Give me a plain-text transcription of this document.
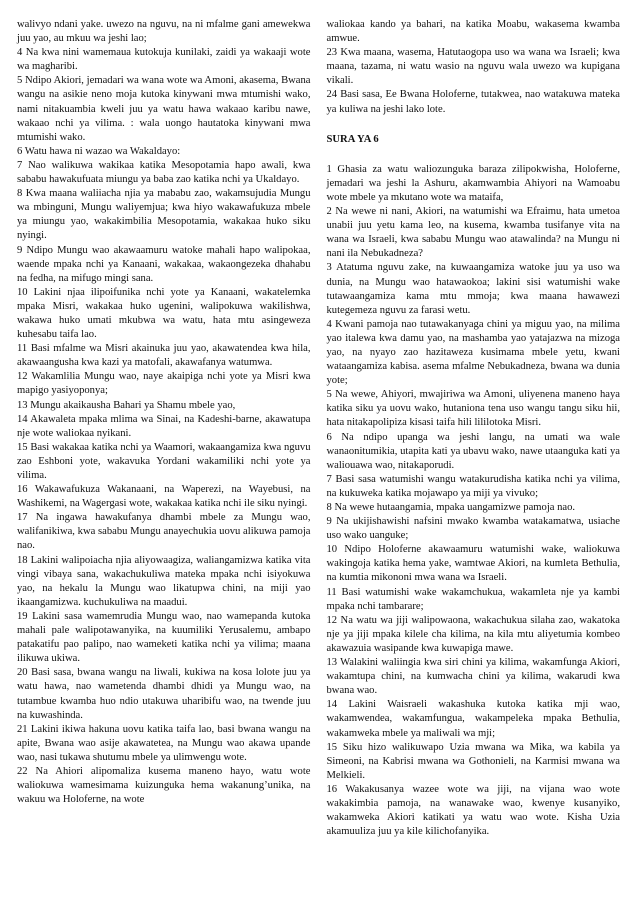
walivyo ndani yake. uwezo na nguvu, na ni mfalme gani amewekwa juu yao, au mkuu wa jeshi lao;

4 Na kwa nini wamemaua kutokuja kunilaki, zaidi ya wakaaji wote wa magharibi.

5 Ndipo Akiori, jemadari wa wana wote wa Amoni, akasema, Bwana wangu na asikie neno moja kutoka kinywani mwa mtumishi wako, nami nitakuambia kweli juu ya watu hawa wakaao karibu nawe, wakaao nchi ya vilima. : wala uongo hautatoka kinywani mwa mtumishi wako.

6 Watu hawa ni wazao wa Wakaldayo:

7 Nao walikuwa wakikaa katika Mesopotamia hapo awali, kwa sababu hawakufuata miungu ya baba zao katika nchi ya Ukaldayo.

8 Kwa maana waliiacha njia ya mababu zao, wakamsujudia Mungu wa mbinguni, Mungu waliyemjua; kwa hiyo wakawafukuza mbele ya miungu yao, wakakimbilia Mesopotamia, wakakaa huko siku nyingi.

9 Ndipo Mungu wao akawaamuru watoke mahali hapo walipokaa, waende mpaka nchi ya Kanaani, wakakaa, wakaongezeka dhahabu na fedha, na mifugo mingi sana.

10 Lakini njaa ilipoifunika nchi yote ya Kanaani, wakatelemka mpaka Misri, wakakaa huko ugenini, walipokuwa wakilishwa, wakawa huko umati mkubwa wa watu, hata mtu asingeweza kuhesabu taifa lao.

11 Basi mfalme wa Misri akainuka juu yao, akawatendea kwa hila, akawaangusha kwa kazi ya matofali, akawafanya watumwa.

12 Wakamlilia Mungu wao, naye akaipiga nchi yote ya Misri kwa mapigo yasiyoponya;

13 Mungu akaikausha Bahari ya Shamu mbele yao,

14 Akawaleta mpaka mlima wa Sinai, na Kadeshi-barne, akawatupa nje wote waliokaa nyikani.

15 Basi wakakaa katika nchi ya Waamori, wakaangamiza kwa nguvu zao Eshboni yote, wakavuka Yordani wakamiliki nchi yote ya vilima.

16 Wakawafukuza Wakanaani, na Waperezi, na Wayebusi, na Washikemi, na Wagergasi wote, wakakaa katika nchi ile siku nyingi.

17 Na ingawa hawakufanya dhambi mbele za Mungu wao, walifanikiwa, kwa sababu Mungu anayechukia uovu alikuwa pamoja nao.

18 Lakini walipoiacha njia aliyowaagiza, waliangamizwa katika vita vingi vibaya sana, wakachukuliwa mateka mpaka nchi isiyokuwa yao, na hekalu la Mungu wao likatupwa chini, na miji yao ikaangamizwa. kuchukuliwa na maadui.

19 Lakini sasa wamemrudia Mungu wao, nao wamepanda kutoka mahali pale walipotawanyika, na kuumiliki Yerusalemu, ambapo patakatifu pao palipo, nao wameketi katika nchi ya vilima; maana ilikuwa ukiwa.

20 Basi sasa, bwana wangu na liwali, kukiwa na kosa lolote juu ya watu hawa, nao wametenda dhambi dhidi ya Mungu wao, na tutambue kwamba huo ndio utakuwa uharibifu wao, na twende juu na kuwashinda.

21 Lakini ikiwa hakuna uovu katika taifa lao, basi bwana wangu na apite, Bwana wao asije akawatetea, na Mungu wao akawa upande wao, nasi tukawa shutumu mbele ya ulimwengu wote.

22 Na Ahiori alipomaliza kusema maneno hayo, watu wote waliokuwa wamesimama kuizunguka hema wakanung’unika, na wakuu wa Holoferne, na wote

waliokaa kando ya bahari, na katika Moabu, wakasema kwamba amwue.

23 Kwa maana, wasema, Hatutaogopa uso wa wana wa Israeli; kwa maana, tazama, ni watu wasio na nguvu wala uwezo wa kupigana vikali.

24 Basi sasa, Ee Bwana Holoferne, tutakwea, nao watakuwa mateka ya kuliwa na jeshi lako lote.

SURA YA 6

1 Ghasia za watu waliozunguka baraza zilipokwisha, Holoferne, jemadari wa jeshi la Ashuru, akamwambia Ahiyori na Wamoabu wote mbele ya mkutano wote wa mataifa,

2 Na wewe ni nani, Akiori, na watumishi wa Efraimu, hata umetoa unabii juu yetu kama leo, na kusema, kwamba tusifanye vita na wana wa Israeli, kwa sababu Mungu wao atawalinda? na Mungu ni nani ila Nebukadneza?

3 Atatuma nguvu zake, na kuwaangamiza watoke juu ya uso wa dunia, na Mungu wao hatawaokoa; lakini sisi watumishi wake tutawaangamiza kama mtu mmoja; kwa maana hawawezi kutegemeza nguvu za farasi wetu.

4 Kwani pamoja nao tutawakanyaga chini ya miguu yao, na milima yao italewa kwa damu yao, na mashamba yao yatajazwa na mizoga yao, na nyayo zao hazitaweza kusimama mbele yetu, kwani wataangamiza kabisa. asema mfalme Nebukadneza, bwana wa dunia yote;

5 Na wewe, Ahiyori, mwajiriwa wa Amoni, uliyenena maneno haya katika siku ya uovu wako, hutaniona tena uso wangu tangu siku hii, hata nitakapolipiza kisasi taifa hili lililotoka Misri.

6 Na ndipo upanga wa jeshi langu, na umati wa wale wanaonitumikia, utapita kati ya ubavu wako, nawe utaanguka kati ya waliouawa wao, nitakaporudi.

7 Basi sasa watumishi wangu watakurudisha katika nchi ya vilima, na kukuweka katika mojawapo ya miji ya vivuko;

8 Na wewe hutaangamia, mpaka uangamizwe pamoja nao.

9 Na ukijishawishi nafsini mwako kwamba watakamatwa, usiache uso wako uanguke;

10 Ndipo Holoferne akawaamuru watumishi wake, waliokuwa wakingoja katika hema yake, wamtwae Akiori, na kumleta Bethulia, na kumtia mikononi mwa wana wa Israeli.

11 Basi watumishi wake wakamchukua, wakamleta nje ya kambi mpaka nchi tambarare;

12 Na watu wa jiji walipowaona, wakachukua silaha zao, wakatoka nje ya jiji mpaka kilele cha kilima, na kila mtu aliyetumia kombeo akawazuia wasipande kwa kuwapiga mawe.

13 Walakini waliingia kwa siri chini ya kilima, wakamfunga Akiori, wakamtupa chini, na kumwacha chini ya kilima, wakarudi kwa bwana wao.

14 Lakini Waisraeli wakashuka kutoka katika mji wao, wakamwendea, wakamfungua, wakampeleka mpaka Bethulia, wakamweka mbele ya maliwali wa mji;

15 Siku hizo walikuwapo Uzia mwana wa Mika, wa kabila ya Simeoni, na Kabrisi mwana wa Gothonieli, na Karmisi mwana wa Melkieli.

16 Wakakusanya wazee wote wa jiji, na vijana wao wote wakakimbia pamoja, na wanawake wao, kwenye kusanyiko, wakamweka Akiori katikati ya watu wao wote. Kisha Uzia akamuuliza juu ya kile kilichofanyika.
